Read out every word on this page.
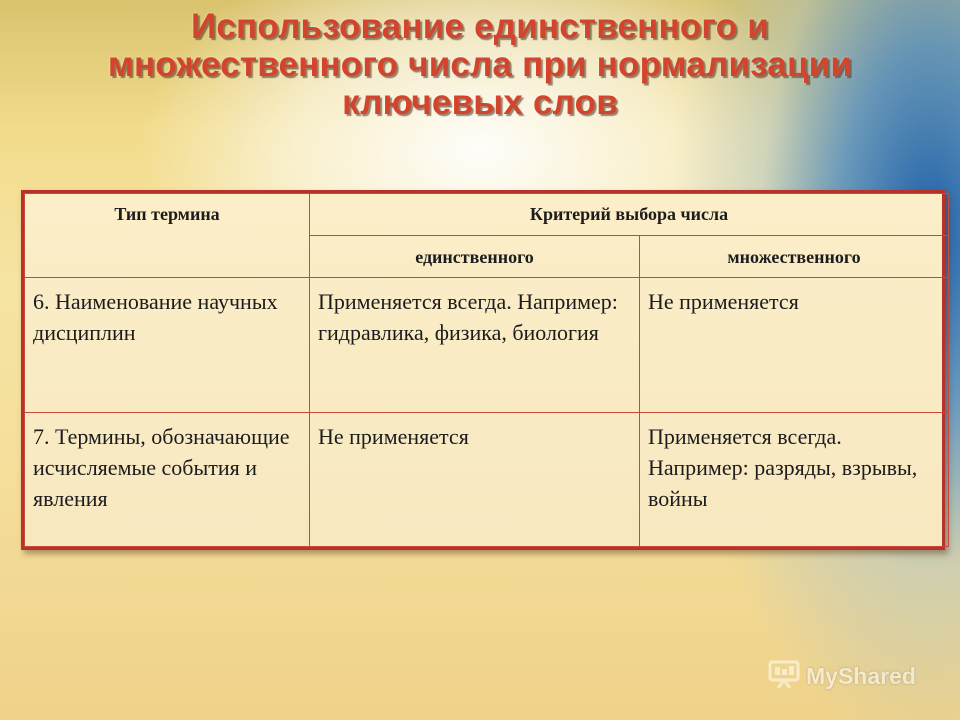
Использование единственного и
множественного числа при нормализации
ключевых слов
Тип термина	Критерий выбора числа	
	единственного	множественного

6. Наименование научных дисциплин	Применяется всегда. Например: гидравлика, физика, биология	Не применяется

7. Термины, обозначающие исчисляемые события и явления	Не применяется	Применяется всегда. Например: разряды, взрывы, войны
MyShared
